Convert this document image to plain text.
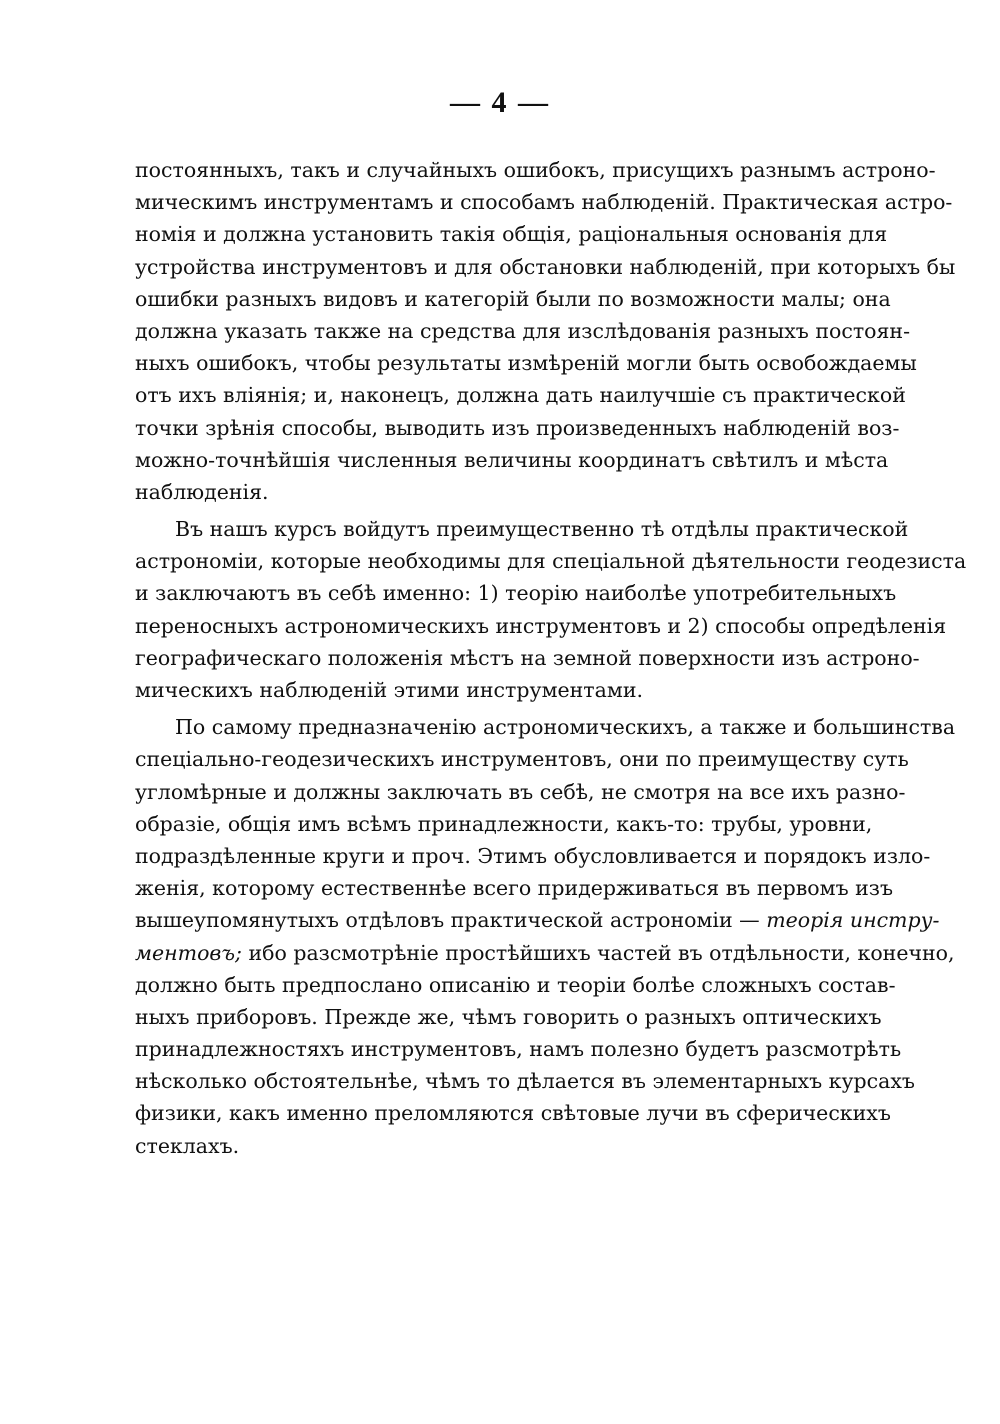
— 4 —
постоянныхъ, такъ и случайныхъ ошибокъ, присущихъ разнымъ астроно-
мическимъ инструментамъ и способамъ наблюденій. Практическая астро-
номія и должна установить такія общія, раціональныя основанія для
устройства инструментовъ и для обстановки наблюденій, при которыхъ бы
ошибки разныхъ видовъ и категорій были по возможности малы; она
должна указать также на средства для изслѣдованія разныхъ постоян-
ныхъ ошибокъ, чтобы результаты измѣреній могли быть освобождаемы
отъ ихъ вліянія; и, наконецъ, должна дать наилучшіе съ практической
точки зрѣнія способы, выводить изъ произведенныхъ наблюденій воз-
можно-точнѣйшія численныя величины координатъ свѣтилъ и мѣста
наблюденія.
Въ нашъ курсъ войдутъ преимущественно тѣ отдѣлы практической
астрономіи, которые необходимы для спеціальной дѣятельности геодезиста
и заключаютъ въ себѣ именно: 1) теорію наиболѣе употребительныхъ
переносныхъ астрономическихъ инструментовъ и 2) способы опредѣленія
географическаго положенія мѣстъ на земной поверхности изъ астроно-
мическихъ наблюденій этими инструментами.
По самому предназначенію астрономическихъ, а также и большинства
спеціально-геодезическихъ инструментовъ, они по преимуществу суть
угломѣрные и должны заключать въ себѣ, не смотря на все ихъ разно-
образіе, общія имъ всѣмъ принадлежности, какъ-то: трубы, уровни,
подраздѣленные круги и проч. Этимъ обусловливается и порядокъ изло-
женія, которому естественнѣе всего придерживаться въ первомъ изъ
вышеупомянутыхъ отдѣловъ практической астрономіи — теорія инстру-
ментовъ; ибо разсмотрѣніе простѣйшихъ частей въ отдѣльности, конечно,
должно быть предпослано описанію и теоріи болѣе сложныхъ состав-
ныхъ приборовъ. Прежде же, чѣмъ говорить о разныхъ оптическихъ
принадлежностяхъ инструментовъ, намъ полезно будетъ разсмотрѣть
нѣсколько обстоятельнѣе, чѣмъ то дѣлается въ элементарныхъ курсахъ
физики, какъ именно преломляются свѣтовые лучи въ сферическихъ
стеклахъ.
